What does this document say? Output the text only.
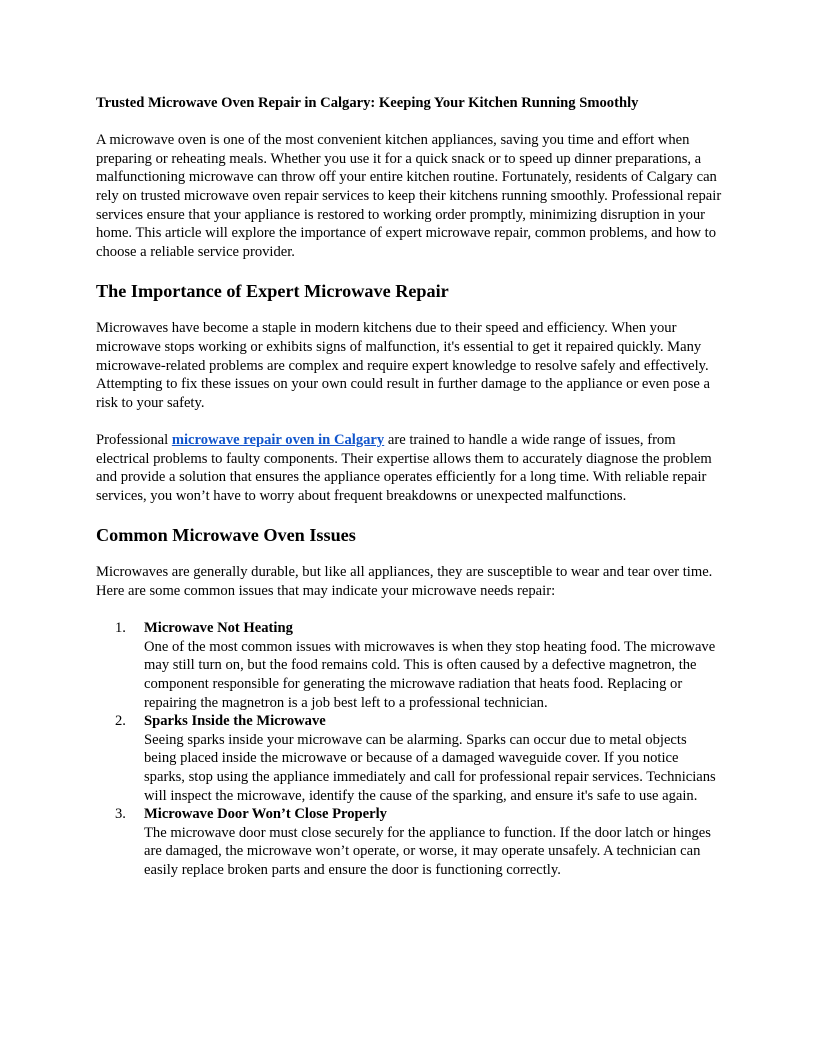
Trusted Microwave Oven Repair in Calgary: Keeping Your Kitchen Running Smoothly

A microwave oven is one of the most convenient kitchen appliances, saving you time and effort when preparing or reheating meals. Whether you use it for a quick snack or to speed up dinner preparations, a malfunctioning microwave can throw off your entire kitchen routine. Fortunately, residents of Calgary can rely on trusted microwave oven repair services to keep their kitchens running smoothly. Professional repair services ensure that your appliance is restored to working order promptly, minimizing disruption in your home. This article will explore the importance of expert microwave repair, common problems, and how to choose a reliable service provider.

The Importance of Expert Microwave Repair

Microwaves have become a staple in modern kitchens due to their speed and efficiency. When your microwave stops working or exhibits signs of malfunction, it's essential to get it repaired quickly. Many microwave-related problems are complex and require expert knowledge to resolve safely and effectively. Attempting to fix these issues on your own could result in further damage to the appliance or even pose a risk to your safety.

Professional microwave repair oven in Calgary are trained to handle a wide range of issues, from electrical problems to faulty components. Their expertise allows them to accurately diagnose the problem and provide a solution that ensures the appliance operates efficiently for a long time. With reliable repair services, you won’t have to worry about frequent breakdowns or unexpected malfunctions.

Common Microwave Oven Issues

Microwaves are generally durable, but like all appliances, they are susceptible to wear and tear over time. Here are some common issues that may indicate your microwave needs repair:

1. Microwave Not Heating
One of the most common issues with microwaves is when they stop heating food. The microwave may still turn on, but the food remains cold. This is often caused by a defective magnetron, the component responsible for generating the microwave radiation that heats food. Replacing or repairing the magnetron is a job best left to a professional technician.
2. Sparks Inside the Microwave
Seeing sparks inside your microwave can be alarming. Sparks can occur due to metal objects being placed inside the microwave or because of a damaged waveguide cover. If you notice sparks, stop using the appliance immediately and call for professional repair services. Technicians will inspect the microwave, identify the cause of the sparking, and ensure it's safe to use again.
3. Microwave Door Won’t Close Properly
The microwave door must close securely for the appliance to function. If the door latch or hinges are damaged, the microwave won’t operate, or worse, it may operate unsafely. A technician can easily replace broken parts and ensure the door is functioning correctly.
